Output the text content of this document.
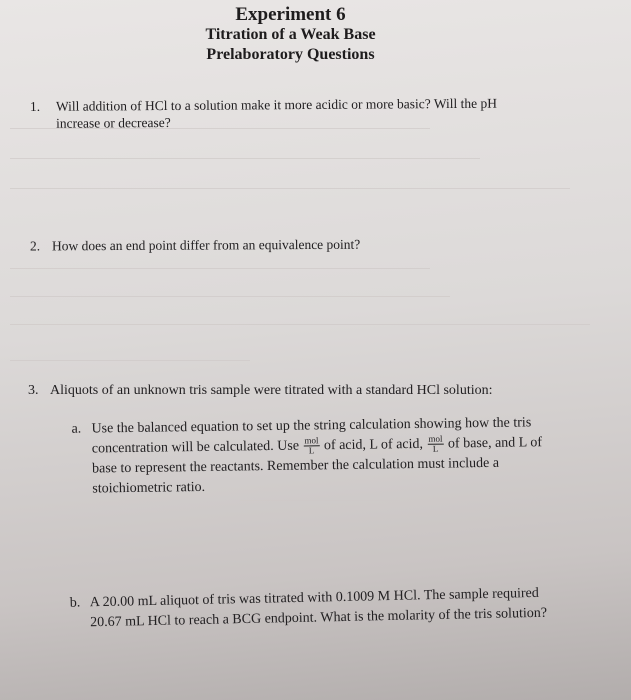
Experiment 6
Titration of a Weak Base
Prelaboratory Questions
1. Will addition of HCl to a solution make it more acidic or more basic? Will the pH
increase or decrease?
2. How does an end point differ from an equivalence point?
3. Aliquots of an unknown tris sample were titrated with a standard HCl solution:
a. Use the balanced equation to set up the string calculation showing how the tris
concentration will be calculated. Use $\frac{\text{mol}}{L}$ of acid, L of acid, $\frac{\text{mol}}{L}$ of base, and L of
base to represent the reactants. Remember the calculation must include a
stoichiometric ratio.
b. A 20.00 mL aliquot of tris was titrated with 0.1009 M HCl. The sample required
20.67 mL HCl to reach a BCG endpoint. What is the molarity of the tris solution?
